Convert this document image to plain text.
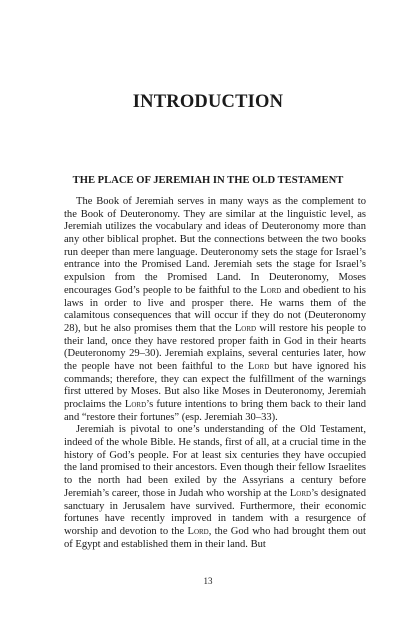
INTRODUCTION
THE PLACE OF JEREMIAH IN THE OLD TESTAMENT

The Book of Jeremiah serves in many ways as the complement to the Book of Deuteronomy. They are similar at the linguistic level, as Jeremiah utilizes the vocabulary and ideas of Deuteronomy more than any other biblical prophet. But the connections between the two books run deeper than mere language. Deuteronomy sets the stage for Israel’s entrance into the Promised Land. Jeremiah sets the stage for Israel’s expulsion from the Promised Land. In Deuteronomy, Moses encourages God’s people to be faithful to the Lord and obedient to his laws in order to live and prosper there. He warns them of the calamitous consequences that will occur if they do not (Deuteronomy 28), but he also promises them that the Lord will restore his people to their land, once they have restored proper faith in God in their hearts (Deuteronomy 29–30). Jeremiah explains, several centuries later, how the people have not been faithful to the Lord but have ignored his commands; therefore, they can expect the fulfillment of the warnings first uttered by Moses. But also like Moses in Deuteronomy, Jeremiah proclaims the Lord’s future intentions to bring them back to their land and “restore their fortunes” (esp. Jeremiah 30–33).

Jeremiah is pivotal to one’s understanding of the Old Testament, indeed of the whole Bible. He stands, first of all, at a crucial time in the history of God’s people. For at least six centuries they have occupied the land promised to their ancestors. Even though their fellow Israelites to the north had been exiled by the Assyrians a century before Jeremiah’s career, those in Judah who worship at the Lord’s designated sanctuary in Jerusalem have survived. Furthermore, their economic fortunes have recently improved in tandem with a resurgence of worship and devotion to the Lord, the God who had brought them out of Egypt and established them in their land. But

13
